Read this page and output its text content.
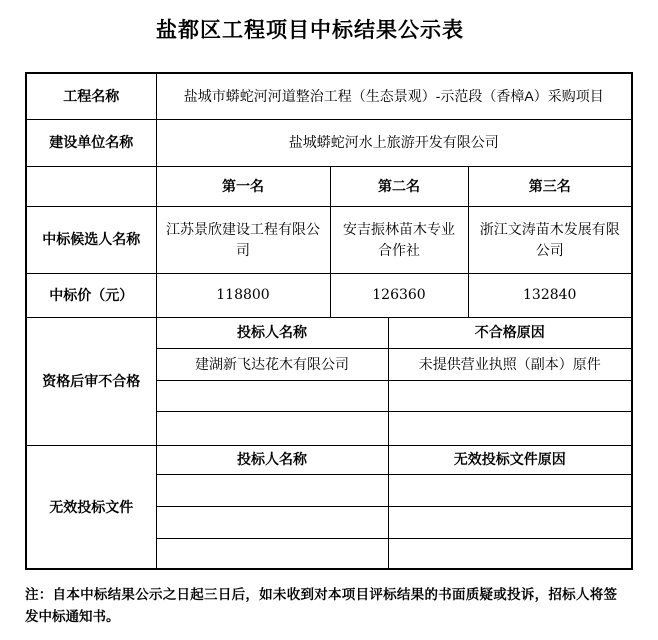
盐都区工程项目中标结果公示表
工程名称	盐城市蟒蛇河河道整治工程（生态景观）-示范段（香樟A）采购项目			
建设单位名称	盐城蟒蛇河水上旅游开发有限公司			
	第一名	第二名		第三名
中标候选人名称	江苏景欣建设工程有限公司	安吉振林苗木专业合作社		浙江文涛苗木发展有限公司
中标价（元）	118800	126360		132840
资格后审不合格	投标人名称		不合格原因	
	建湖新飞达花木有限公司		未提供营业执照（副本）原件	

无效投标文件	投标人名称		无效投标文件原因	

注：自本中标结果公示之日起三日后，如未收到对本项目评标结果的书面质疑或投诉，招标人将签发中标通知书。
